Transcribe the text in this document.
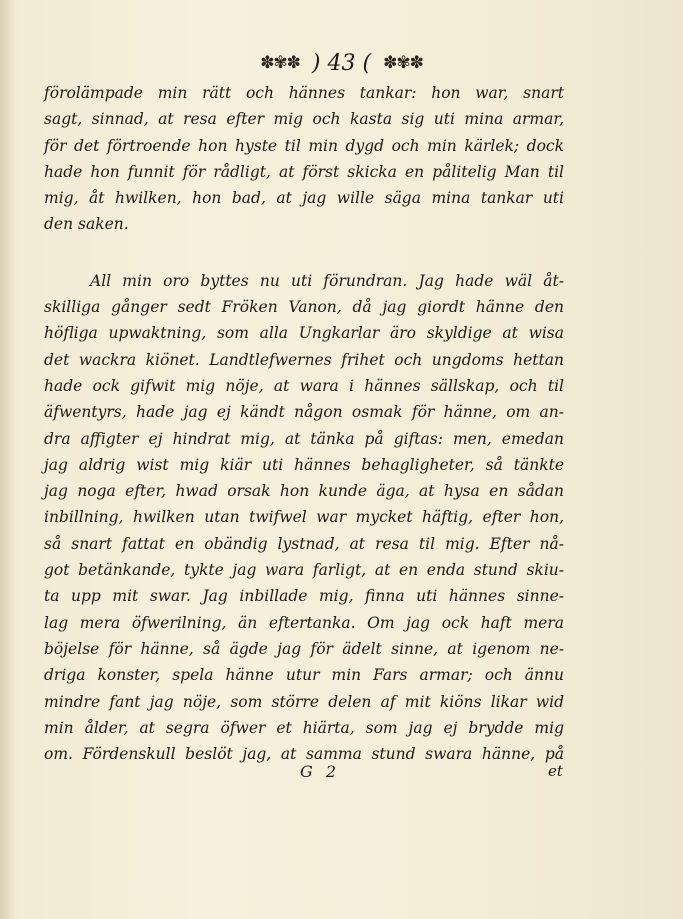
✽✾✽ ) 43 ( ✽✾✽
förolämpade min rätt och hännes tankar: hon war, snart
sagt, sinnad, at resa efter mig och kasta sig uti mina armar,
för det förtroende hon hyste til min dygd och min kärlek; dock
hade hon funnit för rådligt, at först skicka en pålitelig Man til
mig, åt hwilken, hon bad, at jag wille säga mina tankar uti
den saken.
All min oro byttes nu uti förundran. Jag hade wäl åt-
skilliga gånger sedt Fröken Vanon, då jag giordt hänne den
höfliga upwaktning, som alla Ungkarlar äro skyldige at wisa
det wackra kiönet. Landtlefwernes frihet och ungdoms hettan
hade ock gifwit mig nöje, at wara i hännes sällskap, och til
äfwentyrs, hade jag ej kändt någon osmak för hänne, om an-
dra affigter ej hindrat mig, at tänka på giftas: men, emedan
jag aldrig wist mig kiär uti hännes behagligheter, så tänkte
jag noga efter, hwad orsak hon kunde äga, at hysa en sådan
inbillning, hwilken utan twifwel war mycket häftig, efter hon,
så snart fattat en obändig lystnad, at resa til mig. Efter nå-
got betänkande, tykte jag wara farligt, at en enda stund skiu-
ta upp mit swar. Jag inbillade mig, finna uti hännes sinne-
lag mera öfwerilning, än eftertanka. Om jag ock haft mera
böjelse för hänne, så ägde jag för ädelt sinne, at igenom ne-
driga konster, spela hänne utur min Fars armar; och ännu
mindre fant jag nöje, som större delen af mit kiöns likar wid
min ålder, at segra öfwer et hiärta, som jag ej brydde mig
om. Fördenskull beslöt jag, at samma stund swara hänne, på
G 2	et
